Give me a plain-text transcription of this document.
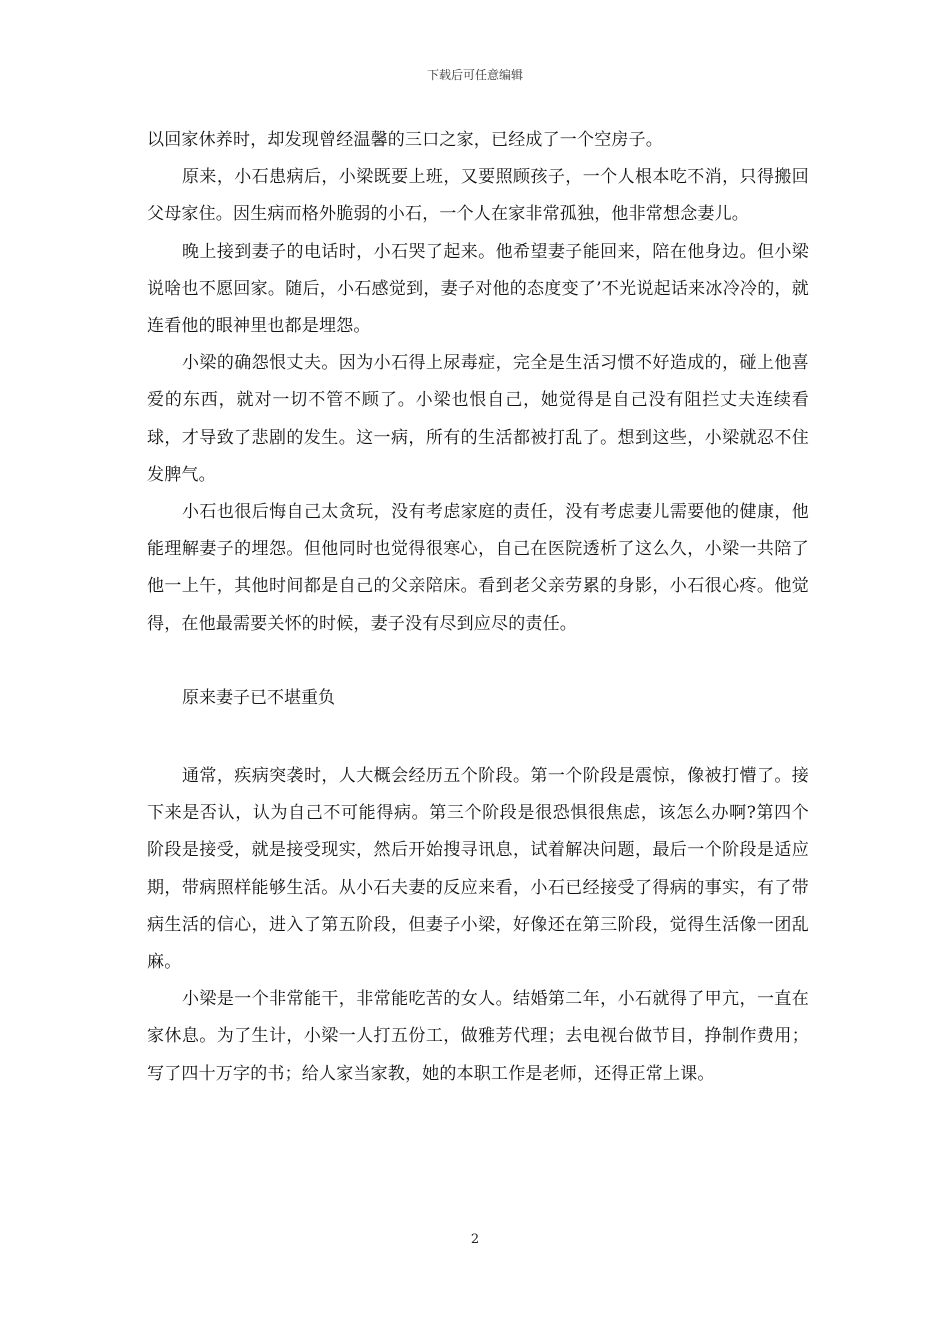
下载后可任意编辑

以回家休养时，却发现曾经温馨的三口之家，已经成了一个空房子。

原来，小石患病后，小梁既要上班，又要照顾孩子，一个人根本吃不消，只得搬回父母家住。因生病而格外脆弱的小石，一个人在家非常孤独，他非常想念妻儿。

晚上接到妻子的电话时，小石哭了起来。他希望妻子能回来，陪在他身边。但小梁说啥也不愿回家。随后，小石感觉到，妻子对他的态度变了’不光说起话来冰冷冷的，就连看他的眼神里也都是埋怨。

小梁的确怨恨丈夫。因为小石得上尿毒症，完全是生活习惯不好造成的，碰上他喜爱的东西，就对一切不管不顾了。小梁也恨自己，她觉得是自己没有阻拦丈夫连续看球，才导致了悲剧的发生。这一病，所有的生活都被打乱了。想到这些，小梁就忍不住发脾气。

小石也很后悔自己太贪玩，没有考虑家庭的责任，没有考虑妻儿需要他的健康，他能理解妻子的埋怨。但他同时也觉得很寒心，自己在医院透析了这么久，小梁一共陪了他一上午，其他时间都是自己的父亲陪床。看到老父亲劳累的身影，小石很心疼。他觉得，在他最需要关怀的时候，妻子没有尽到应尽的责任。

原来妻子已不堪重负

通常，疾病突袭时，人大概会经历五个阶段。第一个阶段是震惊，像被打懵了。接下来是否认，认为自己不可能得病。第三个阶段是很恐惧很焦虑，该怎么办啊?第四个阶段是接受，就是接受现实，然后开始搜寻讯息，试着解决问题，最后一个阶段是适应期，带病照样能够生活。从小石夫妻的反应来看，小石已经接受了得病的事实，有了带病生活的信心，进入了第五阶段，但妻子小梁，好像还在第三阶段，觉得生活像一团乱麻。

小梁是一个非常能干，非常能吃苦的女人。结婚第二年，小石就得了甲亢，一直在家休息。为了生计，小梁一人打五份工，做雅芳代理；去电视台做节目，挣制作费用；写了四十万字的书；给人家当家教，她的本职工作是老师，还得正常上课。

2
